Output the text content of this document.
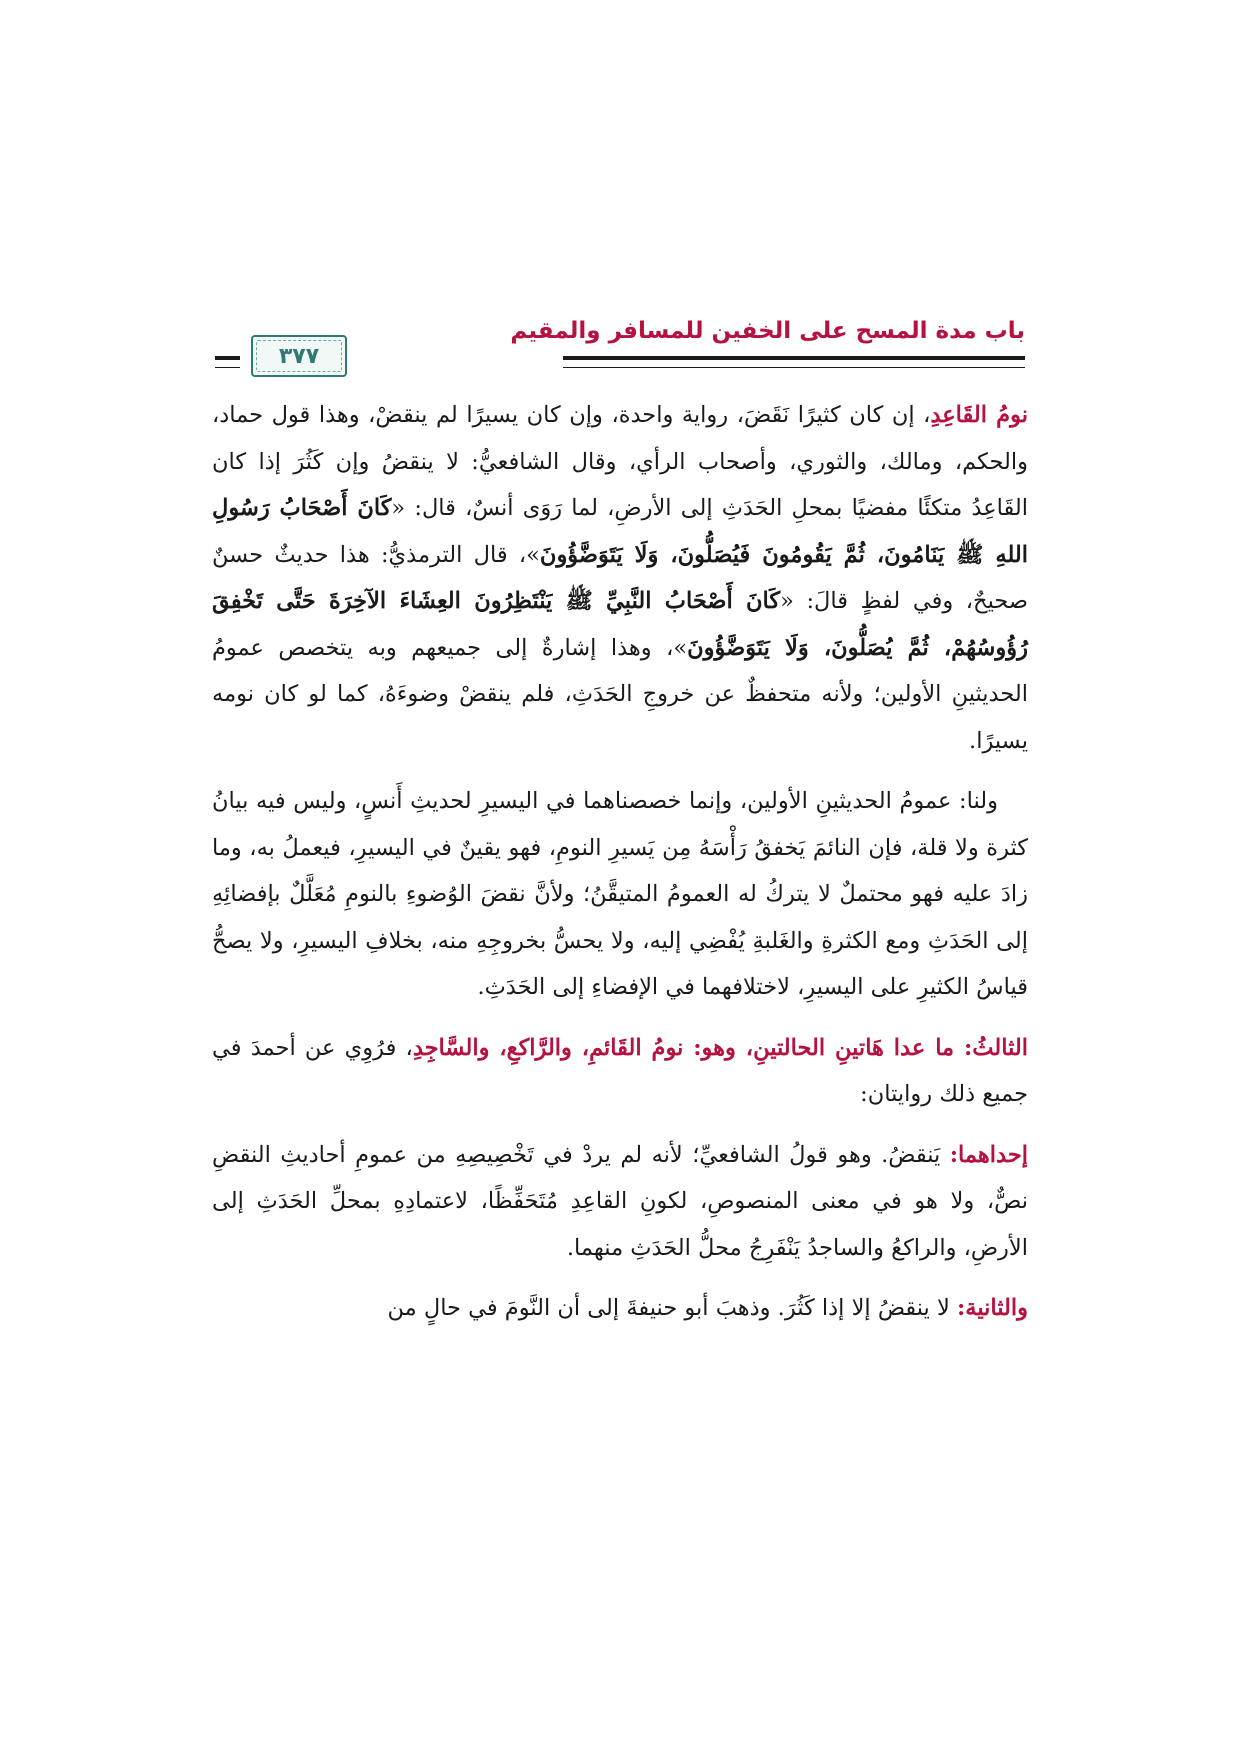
باب مدة المسح على الخفين للمسافر والمقيم
٣٧٧

نومُ القَاعِدِ، إن كان كثيرًا نَقَضَ، رواية واحدة، وإن كان يسيرًا لم ينقضْ، وهذا قول حماد، والحكم، ومالك، والثوري، وأصحاب الرأي، وقال الشافعيُّ: لا ينقضُ وإن كَثُرَ إذا كان القَاعِدُ متكئًا مفضيًا بمحلِ الحَدَثِ إلى الأرضِ، لما رَوَى أنسٌ، قال: «كَانَ أَصْحَابُ رَسُولِ اللهِ ﷺ يَنَامُونَ، ثُمَّ يَقُومُونَ فَيُصَلُّونَ، وَلَا يَتَوَضَّؤُونَ»، قال الترمذيُّ: هذا حديثٌ حسنٌ صحيحٌ، وفي لفظٍ قالَ: «كَانَ أَصْحَابُ النَّبِيِّ ﷺ يَنْتَظِرُونَ العِشَاءَ الآخِرَةَ حَتَّى تَخْفِقَ رُؤُوسُهُمْ، ثُمَّ يُصَلُّونَ، وَلَا يَتَوَضَّؤُونَ»، وهذا إشارةٌ إلى جميعهم وبه يتخصص عمومُ الحديثينِ الأولين؛ ولأنه متحفظٌ عن خروجِ الحَدَثِ، فلم ينقضْ وضوءَهُ، كما لو كان نومه يسيرًا.

ولنا: عمومُ الحديثينِ الأولين، وإنما خصصناهما في اليسيرِ لحديثِ أَنسٍ، وليس فيه بيانُ كثرة ولا قلة، فإن النائمَ يَخفقُ رَأْسَهُ مِن يَسيرِ النومِ، فهو يقينٌ في اليسيرِ، فيعملُ به، وما زادَ عليه فهو محتملٌ لا يتركُ له العمومُ المتيقَّنُ؛ ولأنَّ نقضَ الوُضوءِ بالنومِ مُعَلَّلٌ بإفضائِهِ إلى الحَدَثِ ومع الكثرةِ والغَلبةِ يُفْضِي إليه، ولا يحسُّ بخروجِهِ منه، بخلافِ اليسيرِ، ولا يصحُّ قياسُ الكثيرِ على اليسيرِ، لاختلافهما في الإفضاءِ إلى الحَدَثِ.

الثالثُ: ما عدا هَاتينِ الحالتينِ، وهو: نومُ القَائمِ، والرَّاكعِ، والسَّاجِدِ، فرُوِي عن أحمدَ في جميع ذلك روايتان:

إحداهما: يَنقضُ. وهو قولُ الشافعيِّ؛ لأنه لم يردْ في تَخْصِيصِهِ من عمومِ أحاديثِ النقضِ نصٌّ، ولا هو في معنى المنصوصِ، لكونِ القاعِدِ مُتَحَفِّظًا، لاعتمادِهِ بمحلِّ الحَدَثِ إلى الأرضِ، والراكعُ والساجدُ يَنْفَرِجُ محلُّ الحَدَثِ منهما.

والثانية: لا ينقضُ إلا إذا كَثُرَ. وذهبَ أبو حنيفةَ إلى أن النَّومَ في حالٍ من
